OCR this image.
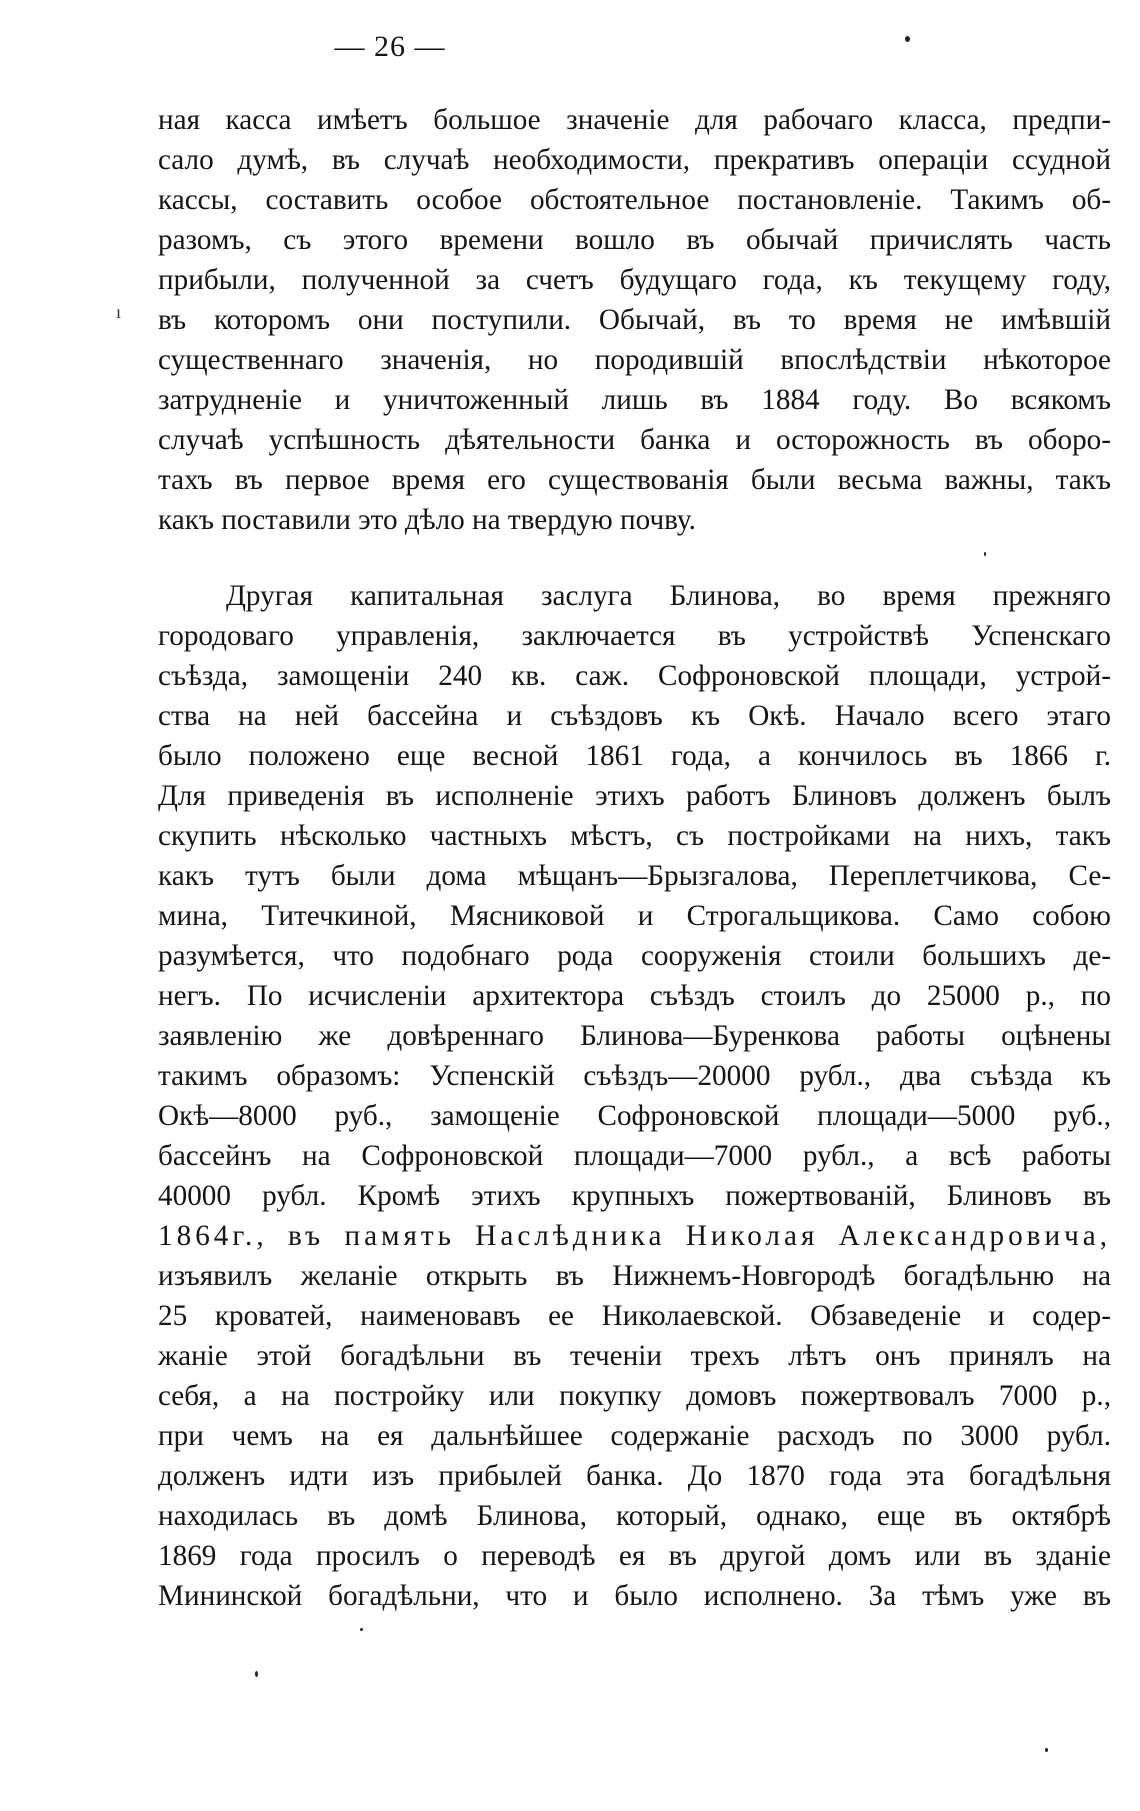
— 26 —
ı
ная касса имѣетъ большое значеніе для рабочаго класса, предпи-
сало думѣ, въ случаѣ необходимости, прекративъ операціи ссудной
кассы, составить особое обстоятельное постановленіе. Такимъ об-
разомъ, съ этого времени вошло въ обычай причислять часть
прибыли, полученной за счетъ будущаго года, къ текущему году,
въ которомъ они поступили. Обычай, въ то время не имѣвшій
существеннаго значенія, но породившій впослѣдствіи нѣкоторое
затрудненіе и уничтоженный лишь въ 1884 году. Во всякомъ
случаѣ успѣшность дѣятельности банка и осторожность въ оборо-
тахъ въ первое время его существованія были весьма важны, такъ
какъ поставили это дѣло на твердую почву.
Другая капитальная заслуга Блинова, во время прежняго
городоваго управленія, заключается въ устройствѣ Успенскаго
съѣзда, замощеніи 240 кв. саж. Софроновской площади, устрой-
ства на ней бассейна и съѣздовъ къ Окѣ. Начало всего этаго
было положено еще весной 1861 года, а кончилось въ 1866 г.
Для приведенія въ исполненіе этихъ работъ Блиновъ долженъ былъ
скупить нѣсколько частныхъ мѣстъ, съ постройками на нихъ, такъ
какъ тутъ были дома мѣщанъ—Брызгалова, Переплетчикова, Се-
мина, Титечкиной, Мясниковой и Строгальщикова. Само собою
разумѣется, что подобнаго рода сооруженія стоили большихъ де-
негъ. По исчисленіи архитектора съѣздъ стоилъ до 25000 р., по
заявленію же довѣреннаго Блинова—Буренкова работы оцѣнены
такимъ образомъ: Успенскій съѣздъ—20000 рубл., два съѣзда къ
Окѣ—8000 руб., замощеніе Софроновской площади—5000 руб.,
бассейнъ на Софроновской площади—7000 рубл., а всѣ работы
40000 рубл. Кромѣ этихъ крупныхъ пожертвованій, Блиновъ въ
1864г., въ память Наслѣдника Николая Александровича,
изъявилъ желаніе открыть въ Нижнемъ-Новгородѣ богадѣльню на
25 кроватей, наименовавъ ее Николаевской. Обзаведеніе и содер-
жаніе этой богадѣльни въ теченіи трехъ лѣтъ онъ принялъ на
себя, а на постройку или покупку домовъ пожертвовалъ 7000 р.,
при чемъ на ея дальнѣйшее содержаніе расходъ по 3000 рубл.
долженъ идти изъ прибылей банка. До 1870 года эта богадѣльня
находилась въ домѣ Блинова, который, однако, еще въ октябрѣ
1869 года просилъ о переводѣ ея въ другой домъ или въ зданіе
Мининской богадѣльни, что и было исполнено. За тѣмъ уже въ
